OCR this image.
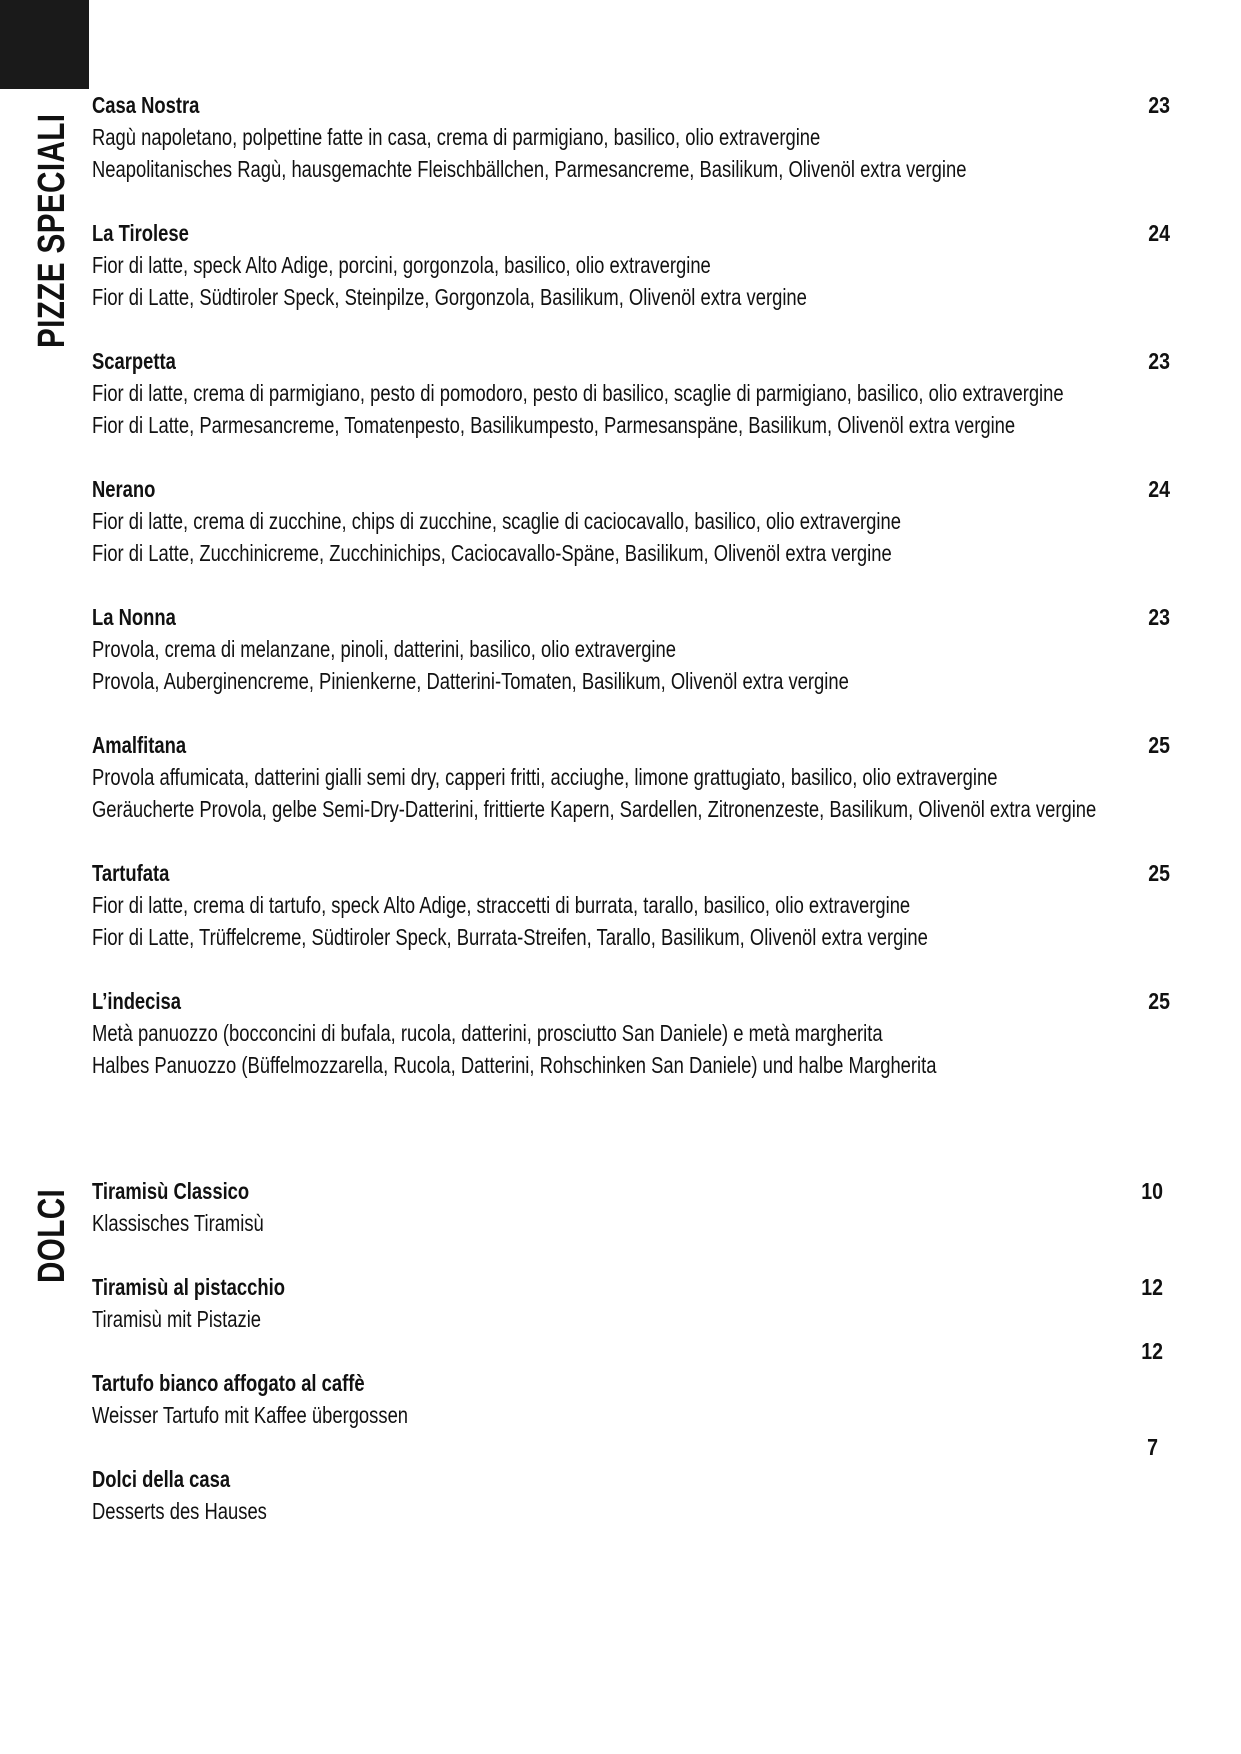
PIZZE SPECIALI
DOLCI
Casa Nostra
Ragù napoletano, polpettine fatte in casa, crema di parmigiano, basilico, olio extravergine
Neapolitanisches Ragù, hausgemachte Fleischbällchen, Parmesancreme, Basilikum, Olivenöl extra vergine
23
La Tirolese
Fior di latte, speck Alto Adige, porcini, gorgonzola, basilico, olio extravergine
Fior di Latte, Südtiroler Speck, Steinpilze, Gorgonzola, Basilikum, Olivenöl extra vergine
24
Scarpetta
Fior di latte, crema di parmigiano, pesto di pomodoro, pesto di basilico, scaglie di parmigiano, basilico, olio extravergine
Fior di Latte, Parmesancreme, Tomatenpesto, Basilikumpesto, Parmesanspäne, Basilikum, Olivenöl extra vergine
23
Nerano
Fior di latte, crema di zucchine, chips di zucchine, scaglie di caciocavallo, basilico, olio extravergine
Fior di Latte, Zucchinicreme, Zucchinichips, Caciocavallo-Späne, Basilikum, Olivenöl extra vergine
24
La Nonna
Provola, crema di melanzane, pinoli, datterini, basilico, olio extravergine
Provola, Auberginencreme, Pinienkerne, Datterini-Tomaten, Basilikum, Olivenöl extra vergine
23
Amalfitana
Provola affumicata, datterini gialli semi dry, capperi fritti, acciughe, limone grattugiato, basilico, olio extravergine
Geräucherte Provola, gelbe Semi-Dry-Datterini, frittierte Kapern, Sardellen, Zitronenzeste, Basilikum, Olivenöl extra vergine
25
Tartufata
Fior di latte, crema di tartufo, speck Alto Adige, straccetti di burrata, tarallo, basilico, olio extravergine
Fior di Latte, Trüffelcreme, Südtiroler Speck, Burrata-Streifen, Tarallo, Basilikum, Olivenöl extra vergine
25
L’indecisa
Metà panuozzo (bocconcini di bufala, rucola, datterini, prosciutto San Daniele) e metà margherita
Halbes Panuozzo (Büffelmozzarella, Rucola, Datterini, Rohschinken San Daniele) und halbe Margherita
25
Tiramisù Classico
Klassisches Tiramisù
Tiramisù al pistacchio
Tiramisù mit Pistazie
Tartufo bianco affogato al caffè
Weisser Tartufo mit Kaffee übergossen
Dolci della casa
Desserts des Hauses
10
12
12
7
